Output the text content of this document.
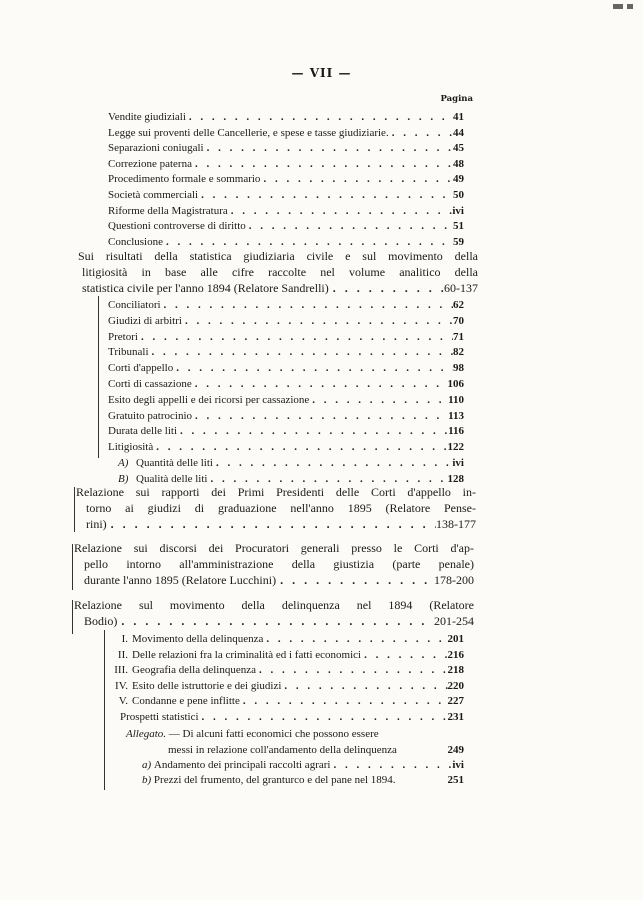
— VII —
Pagina
Vendite giudiziali . . .	41
Legge sui proventi delle Cancellerie, e spese e tasse giudiziarie. . . .	44
Separazioni coniugali . . .	45
Correzione paterna . . .	48
Procedimento formale e sommario . . .	49
Società commerciali . . .	50
Riforme della Magistratura . . .	ivi
Questioni controverse di diritto . . .	51
Conclusione . . .	59
Sui risultati della statistica giudiziaria civile e sul movimento della
litigiosità in base alle cifre raccolte nel volume analitico della
statistica civile per l'anno 1894 (Relatore Sandrelli) . . .	60-137
Conciliatori . . .	62
Giudizi di arbitri . . .	70
Pretori . . .	71
Tribunali . . .	82
Corti d'appello . . .	98
Corti di cassazione . . .	106
Esito degli appelli e dei ricorsi per cassazione . . .	110
Gratuito patrocinio . . .	113
Durata delle liti . . .	116
Litigiosità . . .	122
A) Quantità delle liti . . .	ivi
B) Qualità delle liti . . .	128
Relazione sui rapporti dei Primi Presidenti delle Corti d'appello in-
torno ai giudizi di graduazione nell'anno 1895 (Relatore Pense-
rini) . . .	138-177
Relazione sui discorsi dei Procuratori generali presso le Corti d'ap-
pello intorno all'amministrazione della giustizia (parte penale)
durante l'anno 1895 (Relatore Lucchini) . . .	178-200
Relazione sul movimento della delinquenza nel 1894 (Relatore
Bodio) . . .	201-254
I. Movimento della delinquenza . . .	201
II. Delle relazioni fra la criminalità ed i fatti economici . . .	216
III. Geografia della delinquenza . . .	218
IV. Esito delle istruttorie e dei giudizi . . .	220
V. Condanne e pene inflitte . . .	227
Prospetti statistici . . .	231
Allegato.
— Di alcuni fatti economici che possono essere
messi in relazione coll'andamento della delinquenza	249
a)
Andamento dei principali raccolti agrari . . .	ivi
b)
Prezzi del frumento, del granturco e del pane nel 1894.	251
